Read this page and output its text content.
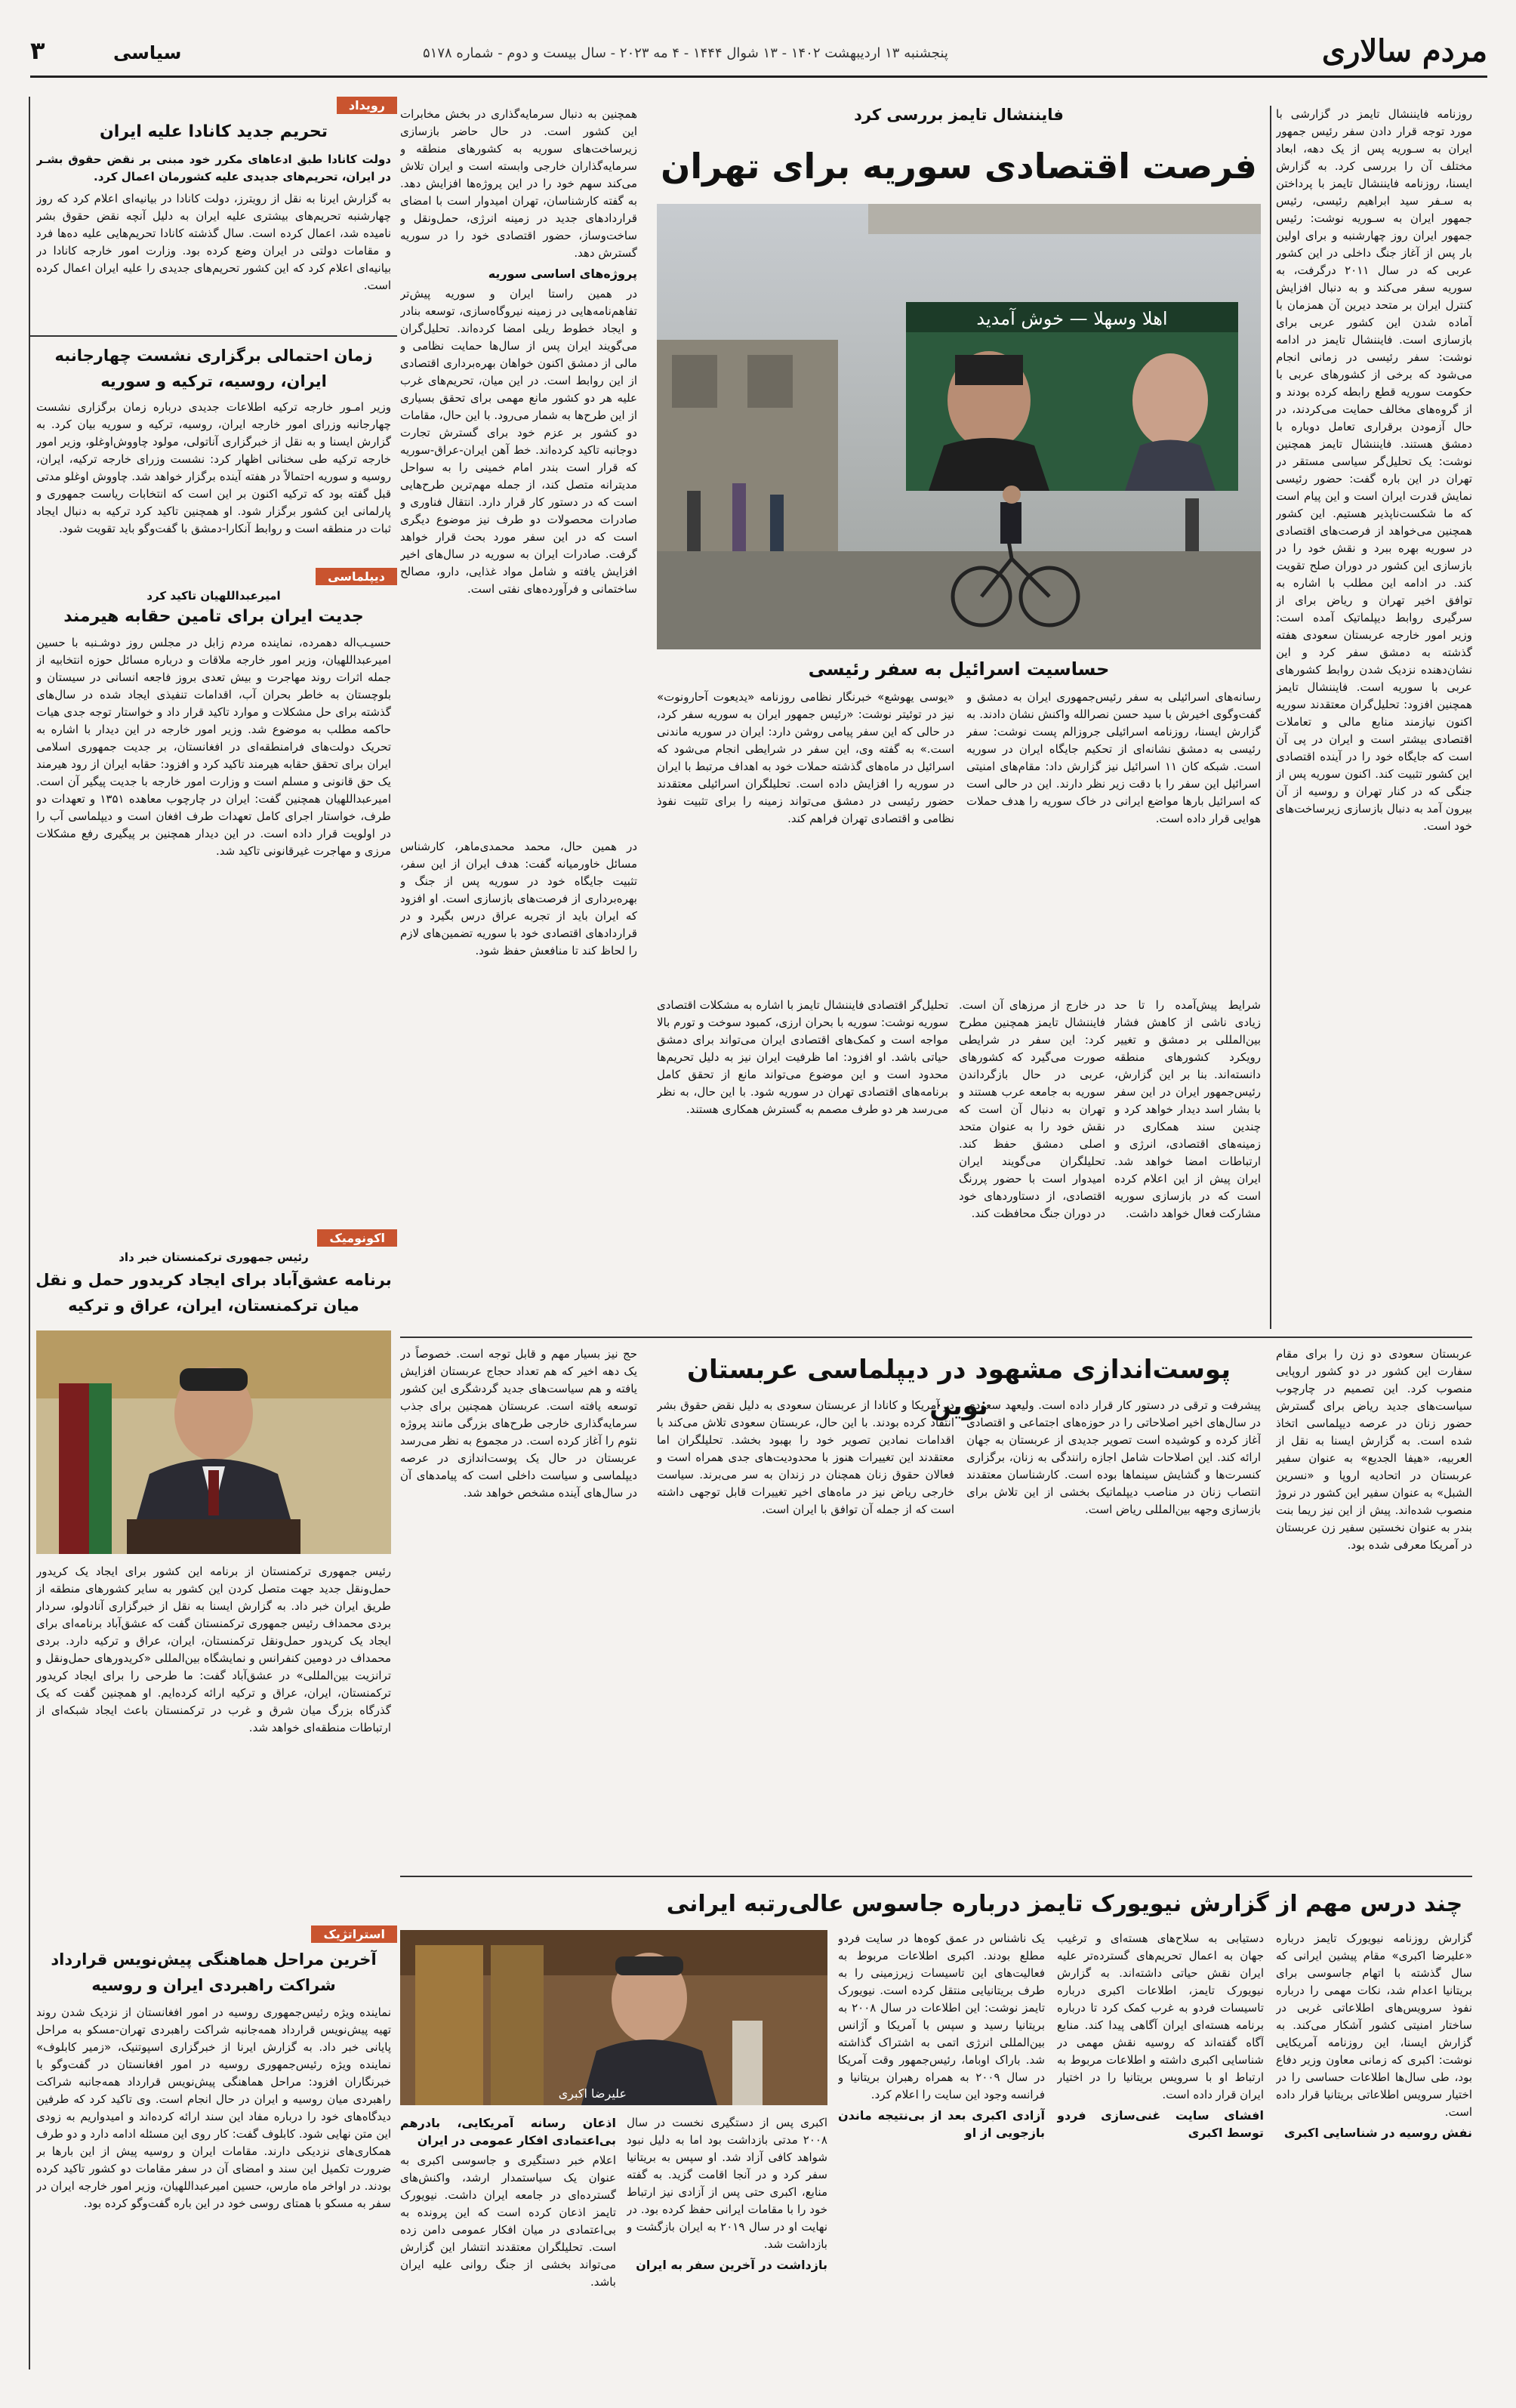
۳	سیاسی	پنجشنبه ۱۳ اردیبهشت ۱۴۰۲ - ۱۳ شوال ۱۴۴۴ - ۴ مه ۲۰۲۳ - سال بیست و دوم - شماره ۵۱۷۸	مردم سالاری
رویداد
تحریم جدید کانادا علیه ایران
دولت کانادا طبق ادعاهای مکرر خود مبنی بر نقض حقوق بشـر در ایران، تحریم‌های جدیدی علیه کشورمان اعمال کرد.
به گزارش ایرنا به نقل از رویترز، دولت کانادا در بیانیه‌ای اعلام کرد که روز چهارشنبه تحریم‌های بیشتری علیه ایران به دلیل آنچه نقض حقوق بشر نامیده شد، اعمال کرده است. سال گذشته کانادا تحریم‌هایی علیه ده‌ها فرد و مقامات دولتی در ایران وضع کرده بود. وزارت امور خارجه کانادا در بیانیه‌ای اعلام کرد که این کشور تحریم‌های جدیدی را علیه ایران اعمال کرده است.
زمان احتمالی برگزاری نشست چهارجانبه ایران، روسیه، ترکیه و سوریه
وزیر امـور خارجه ترکیه اطلاعات جدیدی درباره زمان برگزاری نشست چهارجانبه وزرای امور خارجه ایران، روسیه، ترکیه و سوریه بیان کرد. به گزارش ایسنا و به نقل از خبرگزاری آناتولی، مولود چاووش‌اوغلو، وزیر امور خارجه ترکیه طی سخنانی اظهار کرد: نشست وزرای خارجه ترکیه، ایران، روسیه و سوریه احتمالاً در هفته آینده برگزار خواهد شد. چاووش اوغلو مدتی قبل گفته بود که ترکیه اکنون بر این است که انتخابات ریاست جمهوری و پارلمانی این کشور برگزار شود. او همچنین تاکید کرد ترکیه به دنبال ایجاد ثبات در منطقه است و روابط آنکارا-دمشق با گفت‌وگو باید تقویت شود.
دیپلماسی
امیرعبداللهیان تاکید کرد
جدیت ایران برای تامین حقابه هیرمند
حسیـب‌اله دهمرده، نماینده مردم زابل در مجلس روز دوشـنبه با حسین امیرعبداللهیان، وزیر امور خارجه ملاقات و درباره مسائل حوزه انتخابیه از جمله اثرات روند مهاجرت و بیش تعدی بروز فاجعه انسانی در سیستان و بلوچستان به خاطر بحران آب، اقدامات تنفیذی ایجاد شده در سال‌های گذشته برای حل مشکلات و موارد تاکید قرار داد و خواستار توجه جدی هیات حاکمه مطلب به موضوع شد. وزیر امور خارجه در این دیدار با اشاره به تحریک دولت‌های فرامنطقه‌ای در افغانستان، بر جدیت جمهوری اسلامی ایران برای تحقق حقابه هیرمند تاکید کرد و افزود: حقابه ایران از رود هیرمند یک حق قانونی و مسلم است و وزارت امور خارجه با جدیت پیگیر آن است. امیرعبداللهیان همچنین گفت: ایران در چارچوب معاهده ۱۳۵۱ و تعهدات دو طرف، خواستار اجرای کامل تعهدات طرف افغان است و دیپلماسی آب را در اولویت قرار داده است. در این دیدار همچنین بر پیگیری رفع مشکلات مرزی و مهاجرت غیرقانونی تاکید شد.
اکونومیک
رئیس جمهوری ترکمنستان خبر داد
برنامه عشق‌آباد برای ایجاد کریدور حمل و نقل میان ترکمنستان، ایران، عراق و ترکیه
رئیس جمهوری ترکمنستان از برنامه این کشور برای ایجاد یک کریدور حمل‌ونقل جدید جهت متصل کردن این کشور به سایر کشورهای منطقه از طریق ایران خبر داد. به گزارش ایسنا به نقل از خبرگزاری آنادولو، سردار بردی محمداف رئیس جمهوری ترکمنستان گفت که عشق‌آباد برنامه‌ای برای ایجاد یک کریدور حمل‌ونقل ترکمنستان، ایران، عراق و ترکیه دارد. بردی محمداف در دومین کنفرانس و نمایشگاه بین‌المللی «کریدورهای حمل‌ونقل و ترانزیت بین‌المللی» در عشق‌آباد گفت: ما طرحی را برای ایجاد کریدور ترکمنستان، ایران، عراق و ترکیه ارائه کرده‌ایم. او همچنین گفت که یک گذرگاه بزرگ میان شرق و غرب در ترکمنستان باعث ایجاد شبکه‌ای از ارتباطات منطقه‌ای خواهد شد.
استراتژیک
آخرین مراحل هماهنگی پیش‌نویس قرارداد شراکت راهبردی ایران و روسیه
نماینده ویژه رئیس‌جمهوری روسیه در امور افغانستان از نزدیک شدن روند تهیه پیش‌نویس قرارداد همه‌جانبه شراکت راهبردی تهران-مسکو به مراحل پایانی خبر داد. به گزارش ایرنا از خبرگزاری اسپوتنیک، «زمیر کابلوف» نماینده ویژه رئیس‌جمهوری روسیه در امور افغانستان در گفت‌وگو با خبرنگاران افزود: مراحل هماهنگی پیش‌نویس قرارداد همه‌جانبه شراکت راهبردی میان روسیه و ایران در حال انجام است. وی تاکید کرد که طرفین دیدگاه‌های خود را درباره مفاد این سند ارائه کرده‌اند و امیدواریم به زودی این متن نهایی شود. کابلوف گفت: کار روی این مسئله ادامه دارد و دو طرف همکاری‌های نزدیکی دارند. مقامات ایران و روسیه پیش از این بارها بر ضرورت تکمیل این سند و امضای آن در سفر مقامات دو کشور تاکید کرده بودند. در اواخر ماه مارس، حسین امیرعبداللهیان، وزیر امور خارجه ایران در سفر به مسکو با همتای روسی خود در این باره گفت‌وگو کرده بود.
فایننشال تایمز بررسی کرد
فرصت اقتصادی سوریه برای تهران
روزنامه فایننشال تایمز در گزارشی با مورد توجه قرار دادن سفر رئیس جمهور ایران به سـوریه پس از یک دهه، ابعاد مختلف آن را بررسی کرد. به گزارش ایسنا، روزنامه فایننشال تایمز با پرداختن به سـفر سید ابراهیم رئیسی، رئیس جمهور ایران به سـوریه نوشت: رئیس جمهور ایران روز چهارشنبه و برای اولین بار پس از آغاز جنگ داخلی در این کشور عربی که در سال ۲۰۱۱ درگرفت، به سوریه سفر می‌کند و به دنبال افزایش کنترل ایران بر متحد دیرین آن همزمان با آماده شدن این کشور عربی برای بازسازی است. فایننشال تایمز در ادامه نوشت: سفر رئیسی در زمانی انجام می‌شود که برخی از کشورهای عربی با حکومت سوریه قطع رابطه کرده بودند و از گروه‌های مخالف حمایت می‌کردند، در حال آزمودن برقراری تعامل دوباره با دمشق هستند. فایننشال تایمز همچنین نوشت: یک تحلیل‌گر سیاسی مستقر در تهران در این باره گفت: حضور رئیسی نمایش قدرت ایران است و این پیام است که ما شکست‌ناپذیر هستیم. این کشور همچنین می‌خواهد از فرصت‌های اقتصادی در سوریه بهره ببرد و نقش خود را در بازسازی این کشور در دوران صلح تقویت کند. در ادامه این مطلب با اشاره به توافق اخیر تهران و ریاض برای از سرگیری روابط دیپلماتیک آمده است: وزیر امور خارجه عربستان سعودی هفته گذشته به دمشق سفر کرد و این نشان‌دهنده نزدیک شدن روابط کشورهای عربی با سوریه است. فایننشال تایمز همچنین افزود: تحلیل‌گران معتقدند سوریه اکنون نیازمند منابع مالی و تعاملات اقتصادی بیشتر است و ایران در پی آن است که جایگاه خود را در آینده اقتصادی این کشور تثبیت کند. اکنون سوریه پس از جنگی که در کنار تهران و روسیه از آن بیرون آمد به دنبال بازسازی زیرساخت‌های خود است.

همچنین به دنبال سرمایه‌گذاری در بخش مخابرات این کشور است. در حال حاضر بازسازی زیرساخت‌های سوریه به کشورهای منطقه و سرمایه‌گذاران خارجی وابسته است و ایران تلاش می‌کند سهم خود را در این پروژه‌ها افزایش دهد. به گفته کارشناسان، تهران امیدوار است با امضای قراردادهای جدید در زمینه انرژی، حمل‌ونقل و ساخت‌وساز، حضور اقتصادی خود را در سوریه گسترش دهد.

پروژه‌های اساسی سوریه

در همین راستا ایران و سوریه پیش‌تر تفاهم‌نامه‌هایی در زمینه نیروگاه‌سازی، توسعه بنادر و ایجاد خطوط ریلی امضا کرده‌اند. تحلیل‌گران می‌گویند ایران پس از سال‌ها حمایت نظامی و مالی از دمشق اکنون خواهان بهره‌برداری اقتصادی از این روابط است. در این میان، تحریم‌های غرب علیه هر دو کشور مانع مهمی برای تحقق بسیاری از این طرح‌ها به شمار می‌رود. با این حال، مقامات دو کشور بر عزم خود برای گسترش تجارت دوجانبه تاکید کرده‌اند. خط آهن ایران-عراق-سوریه که قرار است بندر امام خمینی را به سواحل مدیترانه متصل کند، از جمله مهم‌ترین طرح‌هایی است که در دستور کار قرار دارد. انتقال فناوری و صادرات محصولات دو طرف نیز موضوع دیگری است که در این سفر مورد بحث قرار خواهد گرفت. صادرات ایران به سوریه در سال‌های اخیر افزایش یافته و شامل مواد غذایی، دارو، مصالح ساختمانی و فرآورده‌های نفتی است.

اهلا وسهلا — خوش آمدید
حساسیت اسرائیل به سفر رئیسی
رسانه‌های اسرائیلی به سفر رئیس‌جمهوری ایران به دمشق و گفت‌وگوی اخیرش با سید حسن نصرالله واکنش نشان دادند. به گزارش ایسنا، روزنامه اسرائیلی جروزالم پست نوشت: سفر رئیسی به دمشق نشانه‌ای از تحکیم جایگاه ایران در سوریه است. شبکه کان ۱۱ اسرائیل نیز گزارش داد: مقام‌های امنیتی اسرائیل این سفر را با دقت زیر نظر دارند. این در حالی است که اسرائیل بارها مواضع ایرانی در خاک سوریه را هدف حملات هوایی قرار داده است.
«یوسی یهوشع» خبرنگار نظامی روزنامه «یدیعوت آحارونوت» نیز در توئیتر نوشت: «رئیس جمهور ایران به سوریه سفر کرد، در حالی که این سفر پیامی روشن دارد: ایران در سوریه ماندنی است.» به گفته وی، این سفر در شرایطی انجام می‌شود که اسرائیل در ماه‌های گذشته حملات خود به اهداف مرتبط با ایران در سوریه را افزایش داده است. تحلیلگران اسرائیلی معتقدند حضور رئیسی در دمشق می‌تواند زمینه را برای تثبیت نفوذ نظامی و اقتصادی تهران فراهم کند.
در خارج از مرزهای آن است. فایننشال تایمز همچنین مطرح کرد: این سفر در شرایطی صورت می‌گیرد که کشورهای عربی در حال بازگرداندن سوریه به جامعه عرب هستند و تهران به دنبال آن است که نقش خود را به عنوان متحد اصلی دمشق حفظ کند. تحلیلگران می‌گویند ایران امیدوار است با حضور پررنگ اقتصادی، از دستاوردهای خود در دوران جنگ محافظت کند.
شرایط پیش‌آمده را تا حد زیادی ناشی از کاهش فشار بین‌المللی بر دمشق و تغییر رویکرد کشورهای منطقه دانسته‌اند. بنا بر این گزارش، رئیس‌جمهور ایران در این سفر با بشار اسد دیدار خواهد کرد و چندین سند همکاری در زمینه‌های اقتصادی، انرژی و ارتباطات امضا خواهد شد. ایران پیش از این اعلام کرده است که در بازسازی سوریه مشارکت فعال خواهد داشت.
تحلیل‌گر اقتصادی فایننشال تایمز با اشاره به مشکلات اقتصادی سوریه نوشت: سوریه با بحران ارزی، کمبود سوخت و تورم بالا مواجه است و کمک‌های اقتصادی ایران می‌تواند برای دمشق حیاتی باشد. او افزود: اما ظرفیت ایران نیز به دلیل تحریم‌ها محدود است و این موضوع می‌تواند مانع از تحقق کامل برنامه‌های اقتصادی تهران در سوریه شود. با این حال، به نظر می‌رسد هر دو طرف مصمم به گسترش همکاری هستند.
در همین حال، محمد محمدی‌ماهر، کارشناس مسائل خاورمیانه گفت: هدف ایران از این سفر، تثبیت جایگاه خود در سوریه پس از جنگ و بهره‌برداری از فرصت‌های بازسازی است. او افزود که ایران باید از تجربه عراق درس بگیرد و در قراردادهای اقتصادی خود با سوریه تضمین‌های لازم را لحاظ کند تا منافعش حفظ شود.
پوست‌اندازی مشهود در دیپلماسی عربستان نوین
عربستان سعودی دو زن را برای مقام سفارت این کشور در دو کشور اروپایی منصوب کرد. این تصمیم در چارچوب سیاست‌های جدید ریاض برای گسترش حضور زنان در عرصه دیپلماسی اتخاذ شده است. به گزارش ایسنا به نقل از العربیه، «هیفا الجدیع» به عنوان سفیر عربستان در اتحادیه اروپا و «نسرین الشبل» به عنوان سفیر این کشور در نروژ منصوب شده‌اند. پیش از این نیز ریما بنت بندر به عنوان نخستین سفیر زن عربستان در آمریکا معرفی شده بود.
پیشرفت و ترقی در دستور کار قرار داده است. ولیعهد سعودی در سال‌های اخیر اصلاحاتی را در حوزه‌های اجتماعی و اقتصادی آغاز کرده و کوشیده است تصویر جدیدی از عربستان به جهان ارائه کند. این اصلاحات شامل اجازه رانندگی به زنان، برگزاری کنسرت‌ها و گشایش سینماها بوده است. کارشناسان معتقدند انتصاب زنان در مناصب دیپلماتیک بخشی از این تلاش برای بازسازی وجهه بین‌المللی ریاض است.
در آمریکا و کانادا از عربستان سعودی به دلیل نقض حقوق بشر انتقاد کرده بودند. با این حال، عربستان سعودی تلاش می‌کند با اقدامات نمادین تصویر خود را بهبود بخشد. تحلیلگران اما معتقدند این تغییرات هنوز با محدودیت‌های جدی همراه است و فعالان حقوق زنان همچنان در زندان به سر می‌برند. سیاست خارجی ریاض نیز در ماه‌های اخیر تغییرات قابل توجهی داشته است که از جمله آن توافق با ایران است.
حج نیز بسیار مهم و قابل توجه است. خصوصاً در یک دهه اخیر که هم تعداد حجاج عربستان افزایش یافته و هم سیاست‌های جدید گردشگری این کشور توسعه یافته است. عربستان همچنین برای جذب سرمایه‌گذاری خارجی طرح‌های بزرگی مانند پروژه نئوم را آغاز کرده است. در مجموع به نظر می‌رسد عربستان در حال یک پوست‌اندازی در عرصه دیپلماسی و سیاست داخلی است که پیامدهای آن در سال‌های آینده مشخص خواهد شد.
چند درس مهم از گزارش نیویورک تایمز درباره جاسوس عالی‌رتبه ایرانی

گزارش روزنامه نیویورک تایمز درباره «علیرضا اکبری» مقام پیشین ایرانی که سال گذشته با اتهام جاسوسی برای بریتانیا اعدام شد، نکات مهمی را درباره نفوذ سرویس‌های اطلاعاتی غربی در ساختار امنیتی کشور آشکار می‌کند. به گزارش ایسنا، این روزنامه آمریکایی نوشت: اکبری که زمانی معاون وزیر دفاع بود، طی سال‌ها اطلاعات حساسی را در اختیار سرویس اطلاعاتی بریتانیا قرار داده است.

نفش روسیه در شناسایی اکبری

دستیابی به سلاح‌های هسته‌ای و ترغیب جهان به اعمال تحریم‌های گسترده‌تر علیه ایران نقش حیاتی داشته‌اند. به گزارش نیویورک تایمز، اطلاعات اکبری درباره تاسیسات فردو به غرب کمک کرد تا درباره برنامه هسته‌ای ایران آگاهی پیدا کند. منابع آگاه گفته‌اند که روسیه نقش مهمی در شناسایی اکبری داشته و اطلاعات مربوط به ارتباط او با سرویس بریتانیا را در اختیار ایران قرار داده است.

افشای سایت غنی‌سازی فردو توسط اکبری

یک ناشناس در عمق کوه‌ها در سایت فردو مطلع بودند. اکبری اطلاعات مربوط به فعالیت‌های این تاسیسات زیرزمینی را به طرف بریتانیایی منتقل کرده است. نیویورک تایمز نوشت: این اطلاعات در سال ۲۰۰۸ به بریتانیا رسید و سپس با آمریکا و آژانس بین‌المللی انرژی اتمی به اشتراک گذاشته شد. باراک اوباما، رئیس‌جمهور وقت آمریکا در سال ۲۰۰۹ به همراه رهبران بریتانیا و فرانسه وجود این سایت را اعلام کرد.

آزادی اکبری بعد از بی‌نتیجه ماندن بازجویی از او

اکبری پس از دستگیری نخست در سال ۲۰۰۸ مدتی بازداشت بود اما به دلیل نبود شواهد کافی آزاد شد. او سپس به بریتانیا سفر کرد و در آنجا اقامت گزید. به گفته منابع، اکبری حتی پس از آزادی نیز ارتباط خود را با مقامات ایرانی حفظ کرده بود. در نهایت او در سال ۲۰۱۹ به ایران بازگشت و بازداشت شد.

بازداشت در آخرین سفر به ایران

اذعان رسانه آمریکایی، بادرهم بی‌اعتمادی افکار عمومی در ایران

اعلام خبر دستگیری و جاسوسی اکبری به عنوان یک سیاستمدار ارشد، واکنش‌های گسترده‌ای در جامعه ایران داشت. نیویورک تایمز اذعان کرده است که این پرونده به بی‌اعتمادی در میان افکار عمومی دامن زده است. تحلیلگران معتقدند انتشار این گزارش می‌تواند بخشی از جنگ روانی علیه ایران باشد.

علیرضا اکبری
